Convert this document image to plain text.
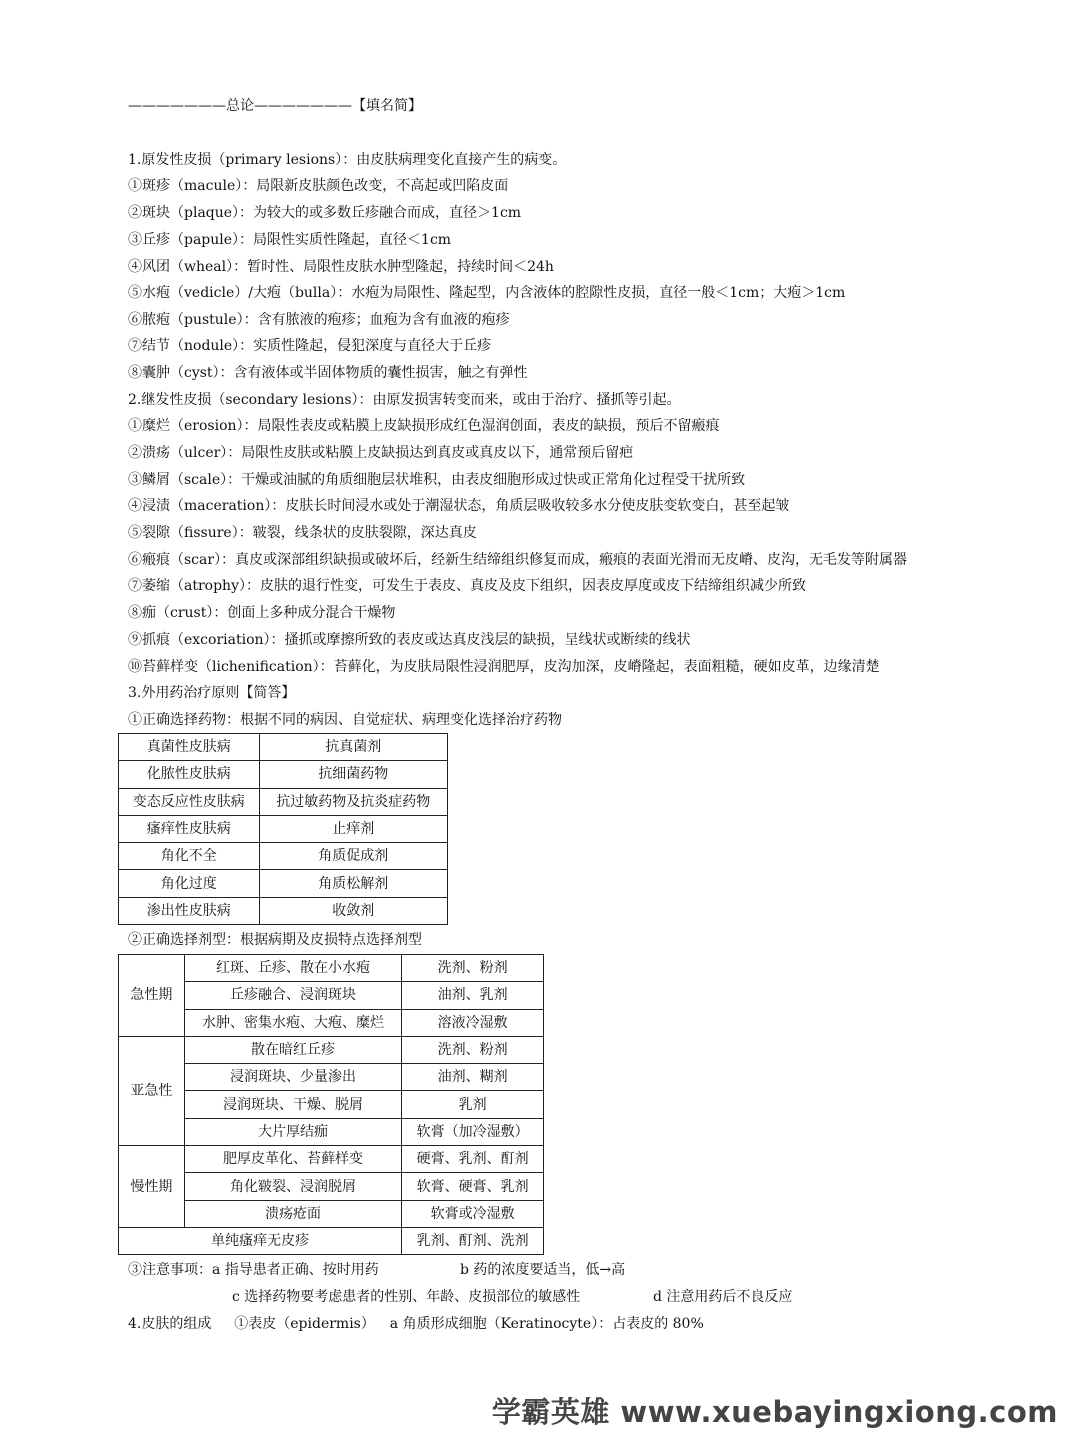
———————总论———————【填名简】
1.原发性皮损（primary lesions）：由皮肤病理变化直接产生的病变。
①斑疹（macule）：局限新皮肤颜色改变，不高起或凹陷皮面
②斑块（plaque）：为较大的或多数丘疹融合而成，直径＞1cm
③丘疹（papule）：局限性实质性隆起，直径＜1cm
④风团（wheal）：暂时性、局限性皮肤水肿型隆起，持续时间＜24h
⑤水疱（vedicle）/大疱（bulla）：水疱为局限性、隆起型，内含液体的腔隙性皮损，直径一般＜1cm；大疱＞1cm
⑥脓疱（pustule）：含有脓液的疱疹；血疱为含有血液的疱疹
⑦结节（nodule）：实质性隆起，侵犯深度与直径大于丘疹
⑧囊肿（cyst）：含有液体或半固体物质的囊性损害，触之有弹性
2.继发性皮损（secondary lesions）：由原发损害转变而来，或由于治疗、搔抓等引起。
①糜烂（erosion）：局限性表皮或粘膜上皮缺损形成红色湿润创面，表皮的缺损，预后不留瘢痕
②溃疡（ulcer）：局限性皮肤或粘膜上皮缺损达到真皮或真皮以下，通常预后留疤
③鳞屑（scale）：干燥或油腻的角质细胞层状堆积，由表皮细胞形成过快或正常角化过程受干扰所致
④浸渍（maceration）：皮肤长时间浸水或处于潮湿状态，角质层吸收较多水分使皮肤变软变白，甚至起皱
⑤裂隙（fissure）：皲裂，线条状的皮肤裂隙，深达真皮
⑥瘢痕（scar）：真皮或深部组织缺损或破坏后，经新生结缔组织修复而成，瘢痕的表面光滑而无皮嵴、皮沟，无毛发等附属器
⑦萎缩（atrophy）：皮肤的退行性变，可发生于表皮、真皮及皮下组织，因表皮厚度或皮下结缔组织减少所致
⑧痂（crust）：创面上多种成分混合干燥物
⑨抓痕（excoriation）：搔抓或摩擦所致的表皮或达真皮浅层的缺损，呈线状或断续的线状
⑩苔藓样变（lichenification）：苔藓化，为皮肤局限性浸润肥厚，皮沟加深，皮嵴隆起，表面粗糙，硬如皮革，边缘清楚
3.外用药治疗原则【简答】
①正确选择药物：根据不同的病因、自觉症状、病理变化选择治疗药物
真菌性皮肤病	抗真菌剂
化脓性皮肤病	抗细菌药物
变态反应性皮肤病	抗过敏药物及抗炎症药物
瘙痒性皮肤病	止痒剂
角化不全	角质促成剂
角化过度	角质松解剂
渗出性皮肤病	收敛剂
②正确选择剂型：根据病期及皮损特点选择剂型
急性期	红斑、丘疹、散在小水疱	洗剂、粉剂
	丘疹融合、浸润斑块	油剂、乳剂
	水肿、密集水疱、大疱、糜烂	溶液冷湿敷
亚急性	散在暗红丘疹	洗剂、粉剂
	浸润斑块、少量渗出	油剂、糊剂
	浸润斑块、干燥、脱屑	乳剂
	大片厚结痂	软膏（加冷湿敷）
慢性期	肥厚皮革化、苔藓样变	硬膏、乳剂、酊剂
	角化皲裂、浸润脱屑	软膏、硬膏、乳剂
	溃疡疮面	软膏或冷湿敷
单纯瘙痒无皮疹		乳剂、酊剂、洗剂
③注意事项：a 指导患者正确、按时用药	b 药的浓度要适当，低→高
c 选择药物要考虑患者的性别、年龄、皮损部位的敏感性	d 注意用药后不良反应
4.皮肤的组成 ①表皮（epidermis） a 角质形成细胞（Keratinocyte）：占表皮的 80%
学霸英雄 www.xuebayingxiong.com
